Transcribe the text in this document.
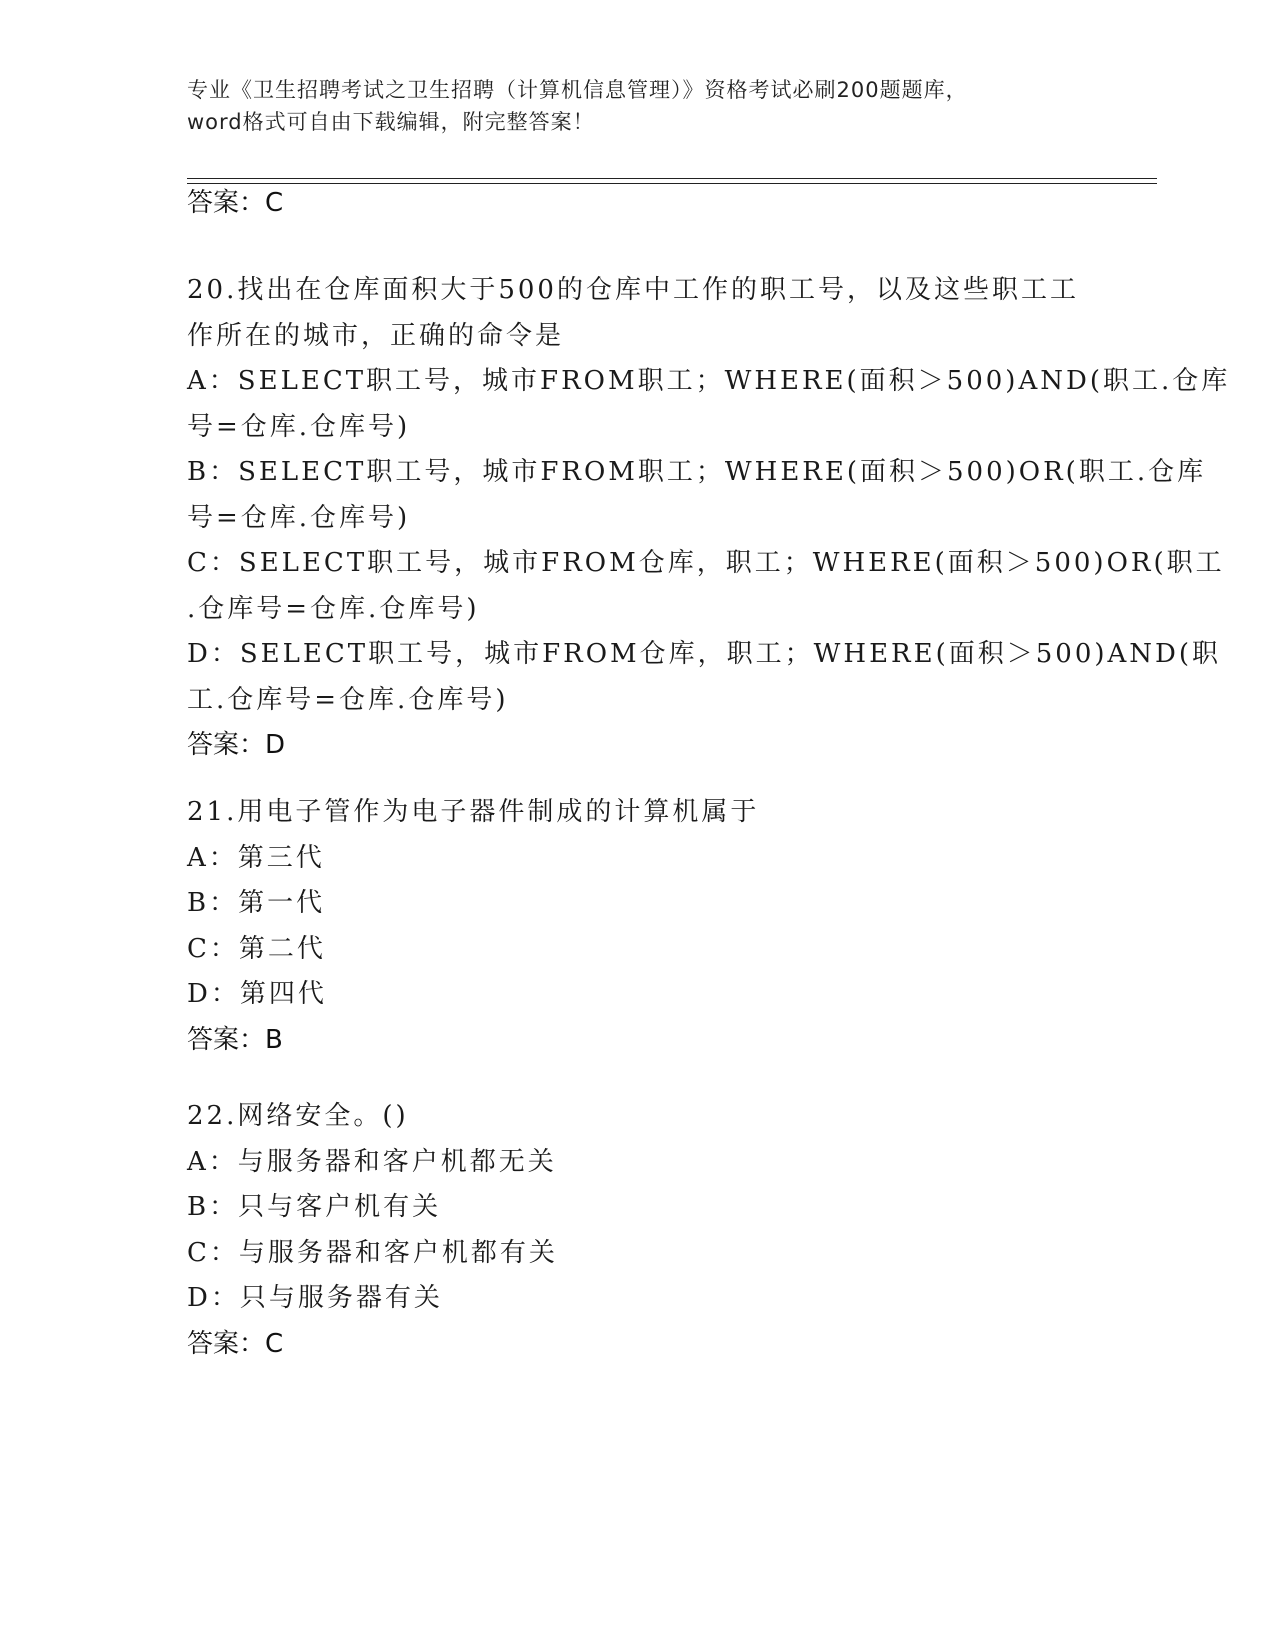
专业《卫生招聘考试之卫生招聘（计算机信息管理）》资格考试必刷200题题库，
word格式可自由下载编辑，附完整答案！
答案：C
20.找出在仓库面积大于500的仓库中工作的职工号，以及这些职工工
作所在的城市，正确的命令是
A：SELECT职工号，城市FROM职工；WHERE(面积＞500)AND(职工.仓库
号=仓库.仓库号)
B：SELECT职工号，城市FROM职工；WHERE(面积＞500)OR(职工.仓库
号=仓库.仓库号)
C：SELECT职工号，城市FROM仓库，职工；WHERE(面积＞500)OR(职工
.仓库号=仓库.仓库号)
D：SELECT职工号，城市FROM仓库，职工；WHERE(面积＞500)AND(职
工.仓库号=仓库.仓库号)
答案：D
21.用电子管作为电子器件制成的计算机属于
A：第三代
B：第一代
C：第二代
D：第四代
答案：B
22.网络安全。()
A：与服务器和客户机都无关
B：只与客户机有关
C：与服务器和客户机都有关
D：只与服务器有关
答案：C
